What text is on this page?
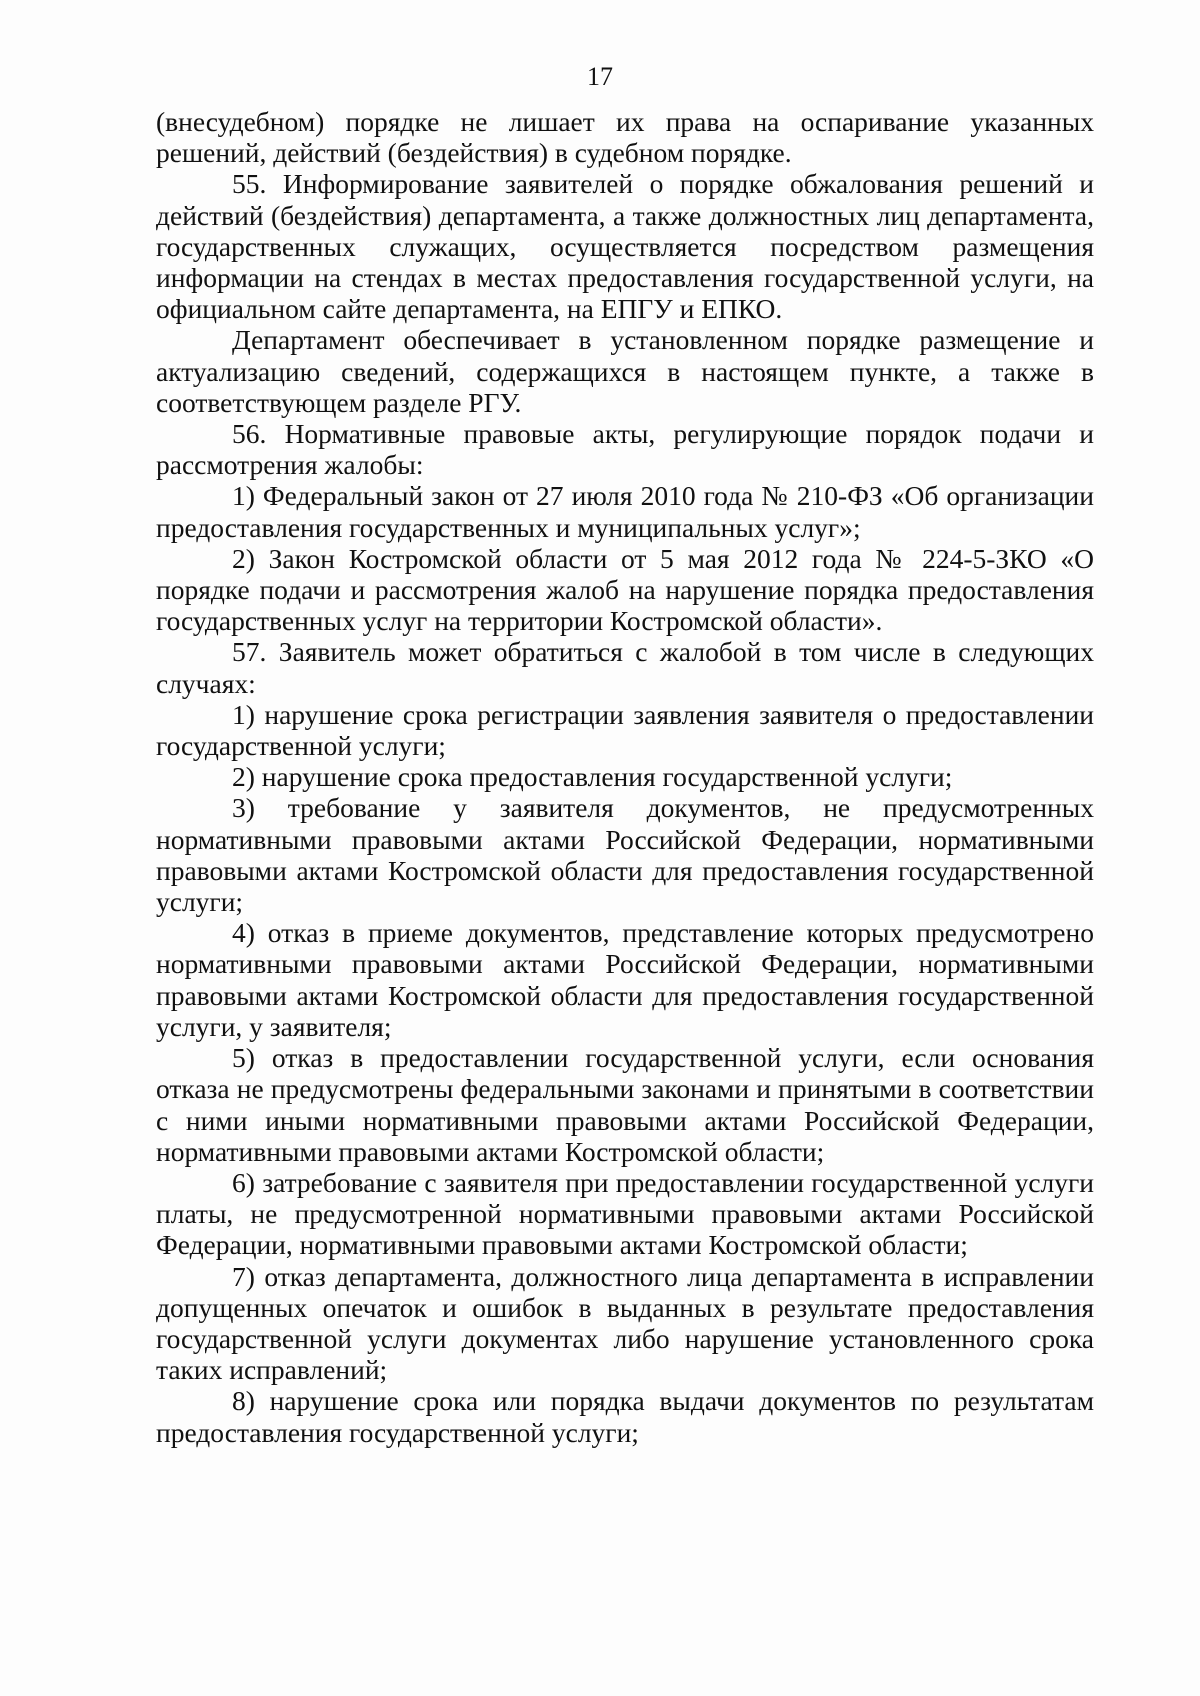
17

(внесудебном) порядке не лишает их права на оспаривание указанных решений, действий (бездействия) в судебном порядке.

55. Информирование заявителей о порядке обжалования решений и действий (бездействия) департамента, а также должностных лиц департамента, государственных служащих, осуществляется посредством размещения информации на стендах в местах предоставления государственной услуги, на официальном сайте департамента, на ЕПГУ и ЕПКО.

Департамент обеспечивает в установленном порядке размещение и актуализацию сведений, содержащихся в настоящем пункте, а также в соответствующем разделе РГУ.

56. Нормативные правовые акты, регулирующие порядок подачи и рассмотрения жалобы:

1) Федеральный закон от 27 июля 2010 года № 210-ФЗ «Об организации предоставления государственных и муниципальных услуг»;

2) Закон Костромской области от 5 мая 2012 года № 224-5-ЗКО «О порядке подачи и рассмотрения жалоб на нарушение порядка предоставления государственных услуг на территории Костромской области».

57. Заявитель может обратиться с жалобой в том числе в следующих случаях:

1) нарушение срока регистрации заявления заявителя о предоставлении государственной услуги;

2) нарушение срока предоставления государственной услуги;

3) требование у заявителя документов, не предусмотренных нормативными правовыми актами Российской Федерации, нормативными правовыми актами Костромской области для предоставления государственной услуги;

4) отказ в приеме документов, представление которых предусмотрено нормативными правовыми актами Российской Федерации, нормативными правовыми актами Костромской области для предоставления государственной услуги, у заявителя;

5) отказ в предоставлении государственной услуги, если основания отказа не предусмотрены федеральными законами и принятыми в соответствии с ними иными нормативными правовыми актами Российской Федерации, нормативными правовыми актами Костромской области;

6) затребование с заявителя при предоставлении государственной услуги платы, не предусмотренной нормативными правовыми актами Российской Федерации, нормативными правовыми актами Костромской области;

7) отказ департамента, должностного лица департамента в исправлении допущенных опечаток и ошибок в выданных в результате предоставления государственной услуги документах либо нарушение установленного срока таких исправлений;

8) нарушение срока или порядка выдачи документов по результатам предоставления государственной услуги;
